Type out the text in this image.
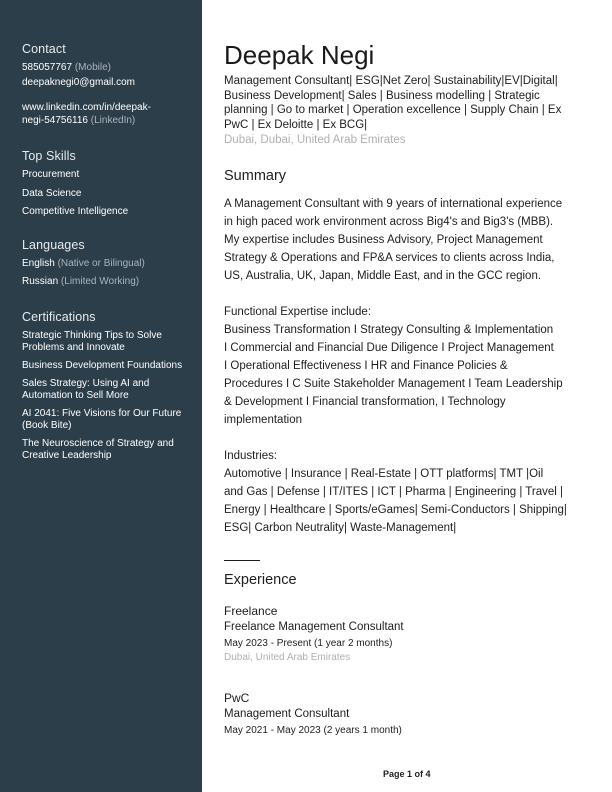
Contact
585057767 (Mobile)
deepaknegi0@gmail.com
www.linkedin.com/in/deepak-
negi-54756116 (LinkedIn)
Top Skills
Procurement
Data Science
Competitive Intelligence
Languages
English (Native or Bilingual)
Russian (Limited Working)
Certifications
Strategic Thinking Tips to Solve
Problems and Innovate
Business Development Foundations
Sales Strategy: Using AI and
Automation to Sell More
AI 2041: Five Visions for Our Future
(Book Bite)
The Neuroscience of Strategy and
Creative Leadership
Deepak Negi
Management Consultant| ESG|Net Zero| Sustainability|EV|Digital|
Business Development| Sales | Business modelling | Strategic
planning | Go to market | Operation excellence | Supply Chain | Ex
PwC | Ex Deloitte | Ex BCG|
Dubai, Dubai, United Arab Emirates
Summary
A Management Consultant with 9 years of international experience
in high paced work environment across Big4's and Big3's (MBB).
My expertise includes Business Advisory, Project Management
Strategy & Operations and FP&A services to clients across India,
US, Australia, UK, Japan, Middle East, and in the GCC region.
Functional Expertise include:
Business Transformation I Strategy Consulting & Implementation
I Commercial and Financial Due Diligence I Project Management
I Operational Effectiveness I HR and Finance Policies &
Procedures I C Suite Stakeholder Management I Team Leadership
& Development I Financial transformation, I Technology
implementation
Industries:
Automotive | Insurance | Real-Estate | OTT platforms| TMT |Oil
and Gas | Defense | IT/ITES | ICT | Pharma | Engineering | Travel |
Energy | Healthcare | Sports/eGames| Semi-Conductors | Shipping|
ESG| Carbon Neutrality| Waste-Management|
Experience
Freelance
Freelance Management Consultant
May 2023 - Present (1 year 2 months)
Dubai, United Arab Emirates
PwC
Management Consultant
May 2021 - May 2023 (2 years 1 month)
Page 1 of 4
